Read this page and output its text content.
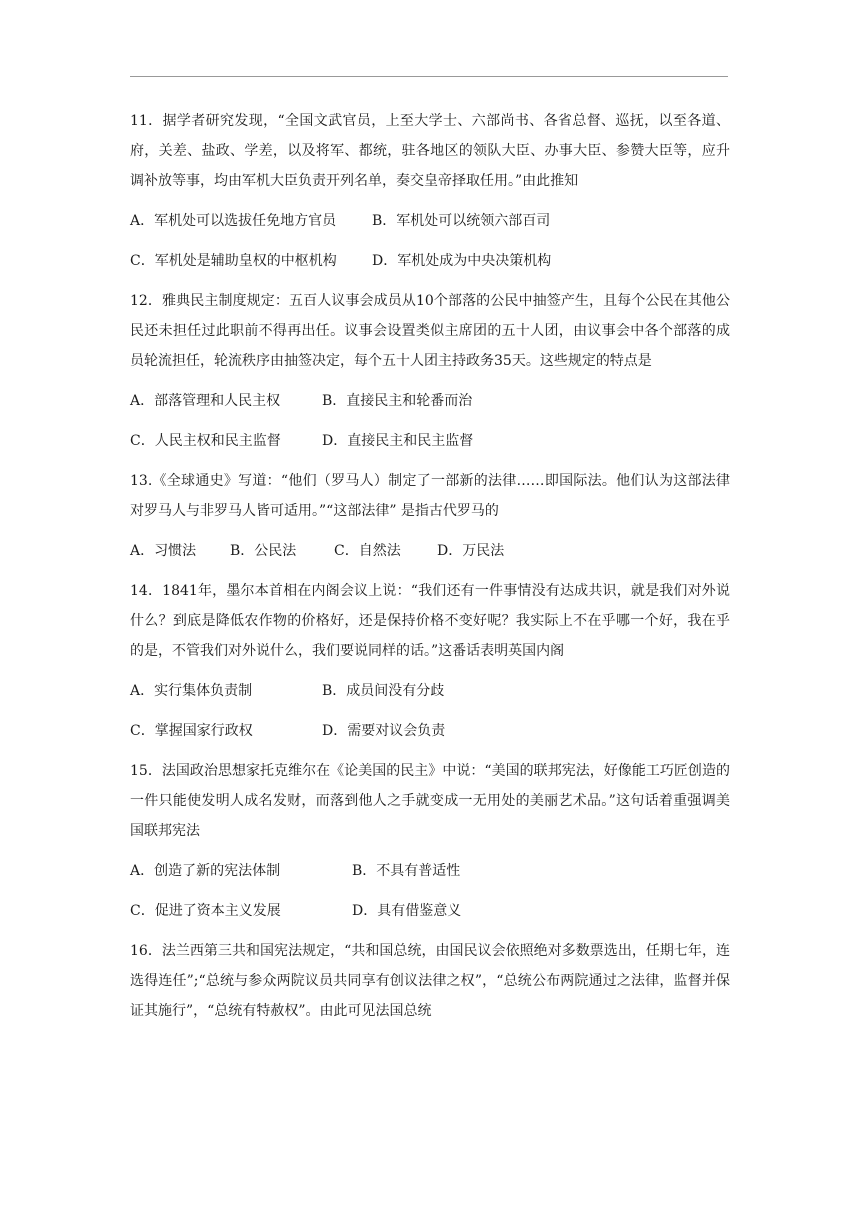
11．据学者研究发现，“全国文武官员，上至大学士、六部尚书、各省总督、巡抚，以至各道、府，关差、盐政、学差，以及将军、都统，驻各地区的领队大臣、办事大臣、参赞大臣等，应升调补放等事，均由军机大臣负责开列名单，奏交皇帝择取任用。”由此推知

A．军机处可以选拔任免地方官员	B．军机处可以统领六部百司
C．军机处是辅助皇权的中枢机构	D．军机处成为中央决策机构

12．雅典民主制度规定：五百人议事会成员从10个部落的公民中抽签产生，且每个公民在其他公民还未担任过此职前不得再出任。议事会设置类似主席团的五十人团，由议事会中各个部落的成员轮流担任，轮流秩序由抽签决定，每个五十人团主持政务35天。这些规定的特点是

A．部落管理和人民主权	B．直接民主和轮番而治
C．人民主权和民主监督	D．直接民主和民主监督

13.《全球通史》写道：“他们（罗马人）制定了一部新的法律……即国际法。他们认为这部法律对罗马人与非罗马人皆可适用。”“这部法律” 是指古代罗马的

A．习惯法	B．公民法	C．自然法	D．万民法

14．1841年，墨尔本首相在内阁会议上说：“我们还有一件事情没有达成共识，就是我们对外说什么？到底是降低农作物的价格好，还是保持价格不变好呢？我实际上不在乎哪一个好，我在乎的是，不管我们对外说什么，我们要说同样的话。”这番话表明英国内阁

A．实行集体负责制	B．成员间没有分歧
C．掌握国家行政权	D．需要对议会负责

15．法国政治思想家托克维尔在《论美国的民主》中说：“美国的联邦宪法，好像能工巧匠创造的一件只能使发明人成名发财，而落到他人之手就变成一无用处的美丽艺术品。”这句话着重强调美国联邦宪法

A．创造了新的宪法体制	B．不具有普适性
C．促进了资本主义发展	D．具有借鉴意义

16．法兰西第三共和国宪法规定，“共和国总统，由国民议会依照绝对多数票选出，任期七年，连选得连任”;“总统与参众两院议员共同享有创议法律之权”，“总统公布两院通过之法律，监督并保证其施行”，“总统有特赦权”。由此可见法国总统
